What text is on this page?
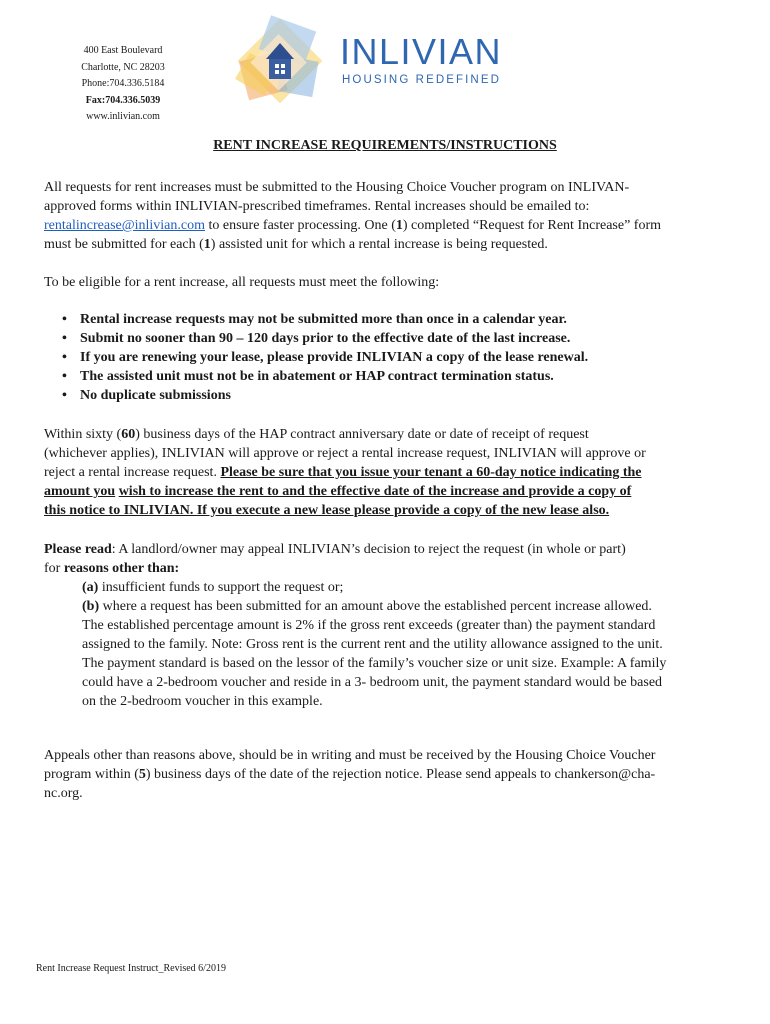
400 East Boulevard
Charlotte, NC 28203
Phone:704.336.5184
Fax:704.336.5039
www.inlivian.com
INLIVIAN
HOUSING REDEFINED
RENT INCREASE REQUIREMENTS/INSTRUCTIONS
All requests for rent increases must be submitted to the Housing Choice Voucher program on INLIVAN-
approved forms within INLIVIAN-prescribed timeframes. Rental increases should be emailed to:
rentalincrease@inlivian.com to ensure faster processing. One (1) completed “Request for Rent Increase” form
must be submitted for each (1) assisted unit for which a rental increase is being requested.
To be eligible for a rent increase, all requests must meet the following:
• Rental increase requests may not be submitted more than once in a calendar year.
• Submit no sooner than 90 – 120 days prior to the effective date of the last increase.
• If you are renewing your lease, please provide INLIVIAN a copy of the lease renewal.
• The assisted unit must not be in abatement or HAP contract termination status.
• No duplicate submissions
Within sixty (60) business days of the HAP contract anniversary date or date of receipt of request
(whichever applies), INLIVIAN will approve or reject a rental increase request, INLIVIAN will approve or
reject a rental increase request. Please be sure that you issue your tenant a 60-day notice indicating the
amount you wish to increase the rent to and the effective date of the increase and provide a copy of
this notice to INLIVIAN. If you execute a new lease please provide a copy of the new lease also.
Please read: A landlord/owner may appeal INLIVIAN’s decision to reject the request (in whole or part)
for reasons other than:
(a) insufficient funds to support the request or;
(b) where a request has been submitted for an amount above the established percent increase allowed.
The established percentage amount is 2% if the gross rent exceeds (greater than) the payment standard
assigned to the family. Note: Gross rent is the current rent and the utility allowance assigned to the unit.
The payment standard is based on the lessor of the family’s voucher size or unit size. Example: A family
could have a 2-bedroom voucher and reside in a 3- bedroom unit, the payment standard would be based
on the 2-bedroom voucher in this example.
Appeals other than reasons above, should be in writing and must be received by the Housing Choice Voucher
program within (5) business days of the date of the rejection notice. Please send appeals to chankerson@cha-
nc.org.
Rent Increase Request Instruct_Revised 6/2019
